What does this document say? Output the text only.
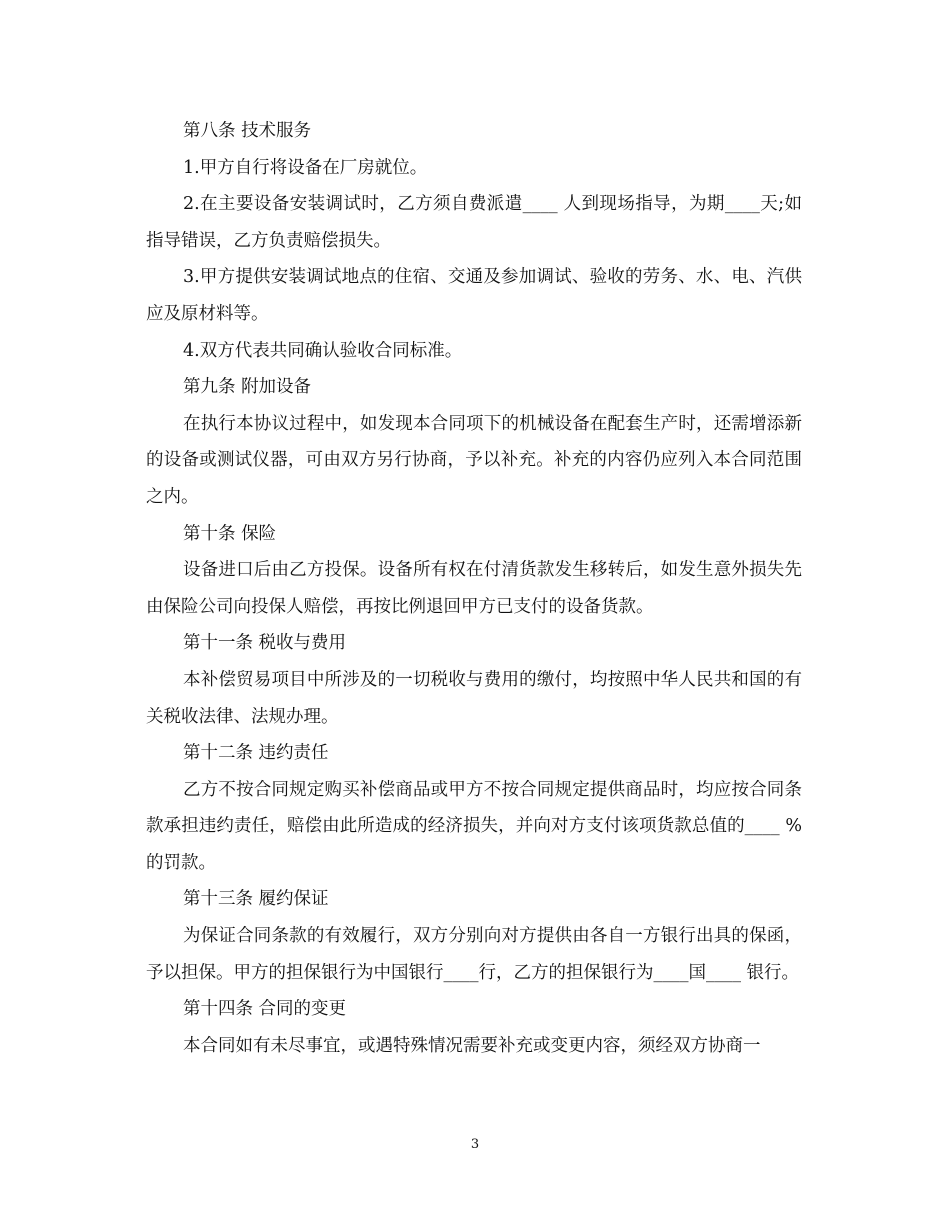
第八条 技术服务

1.甲方自行将设备在厂房就位。

2.在主要设备安装调试时，乙方须自费派遣____ 人到现场指导，为期____天;如指导错误，乙方负责赔偿损失。

3.甲方提供安装调试地点的住宿、交通及参加调试、验收的劳务、水、电、汽供应及原材料等。

4.双方代表共同确认验收合同标准。

第九条 附加设备

在执行本协议过程中，如发现本合同项下的机械设备在配套生产时，还需增添新的设备或测试仪器，可由双方另行协商，予以补充。补充的内容仍应列入本合同范围之内。

第十条 保险

设备进口后由乙方投保。设备所有权在付清货款发生移转后，如发生意外损失先由保险公司向投保人赔偿，再按比例退回甲方已支付的设备货款。

第十一条 税收与费用

本补偿贸易项目中所涉及的一切税收与费用的缴付，均按照中华人民共和国的有关税收法律、法规办理。

第十二条 违约责任

乙方不按合同规定购买补偿商品或甲方不按合同规定提供商品时，均应按合同条款承担违约责任，赔偿由此所造成的经济损失，并向对方支付该项货款总值的____ %的罚款。

第十三条 履约保证

为保证合同条款的有效履行，双方分别向对方提供由各自一方银行出具的保函，予以担保。甲方的担保银行为中国银行____行，乙方的担保银行为____国____ 银行。

第十四条 合同的变更

本合同如有未尽事宜，或遇特殊情况需要补充或变更内容，须经双方协商一

3
